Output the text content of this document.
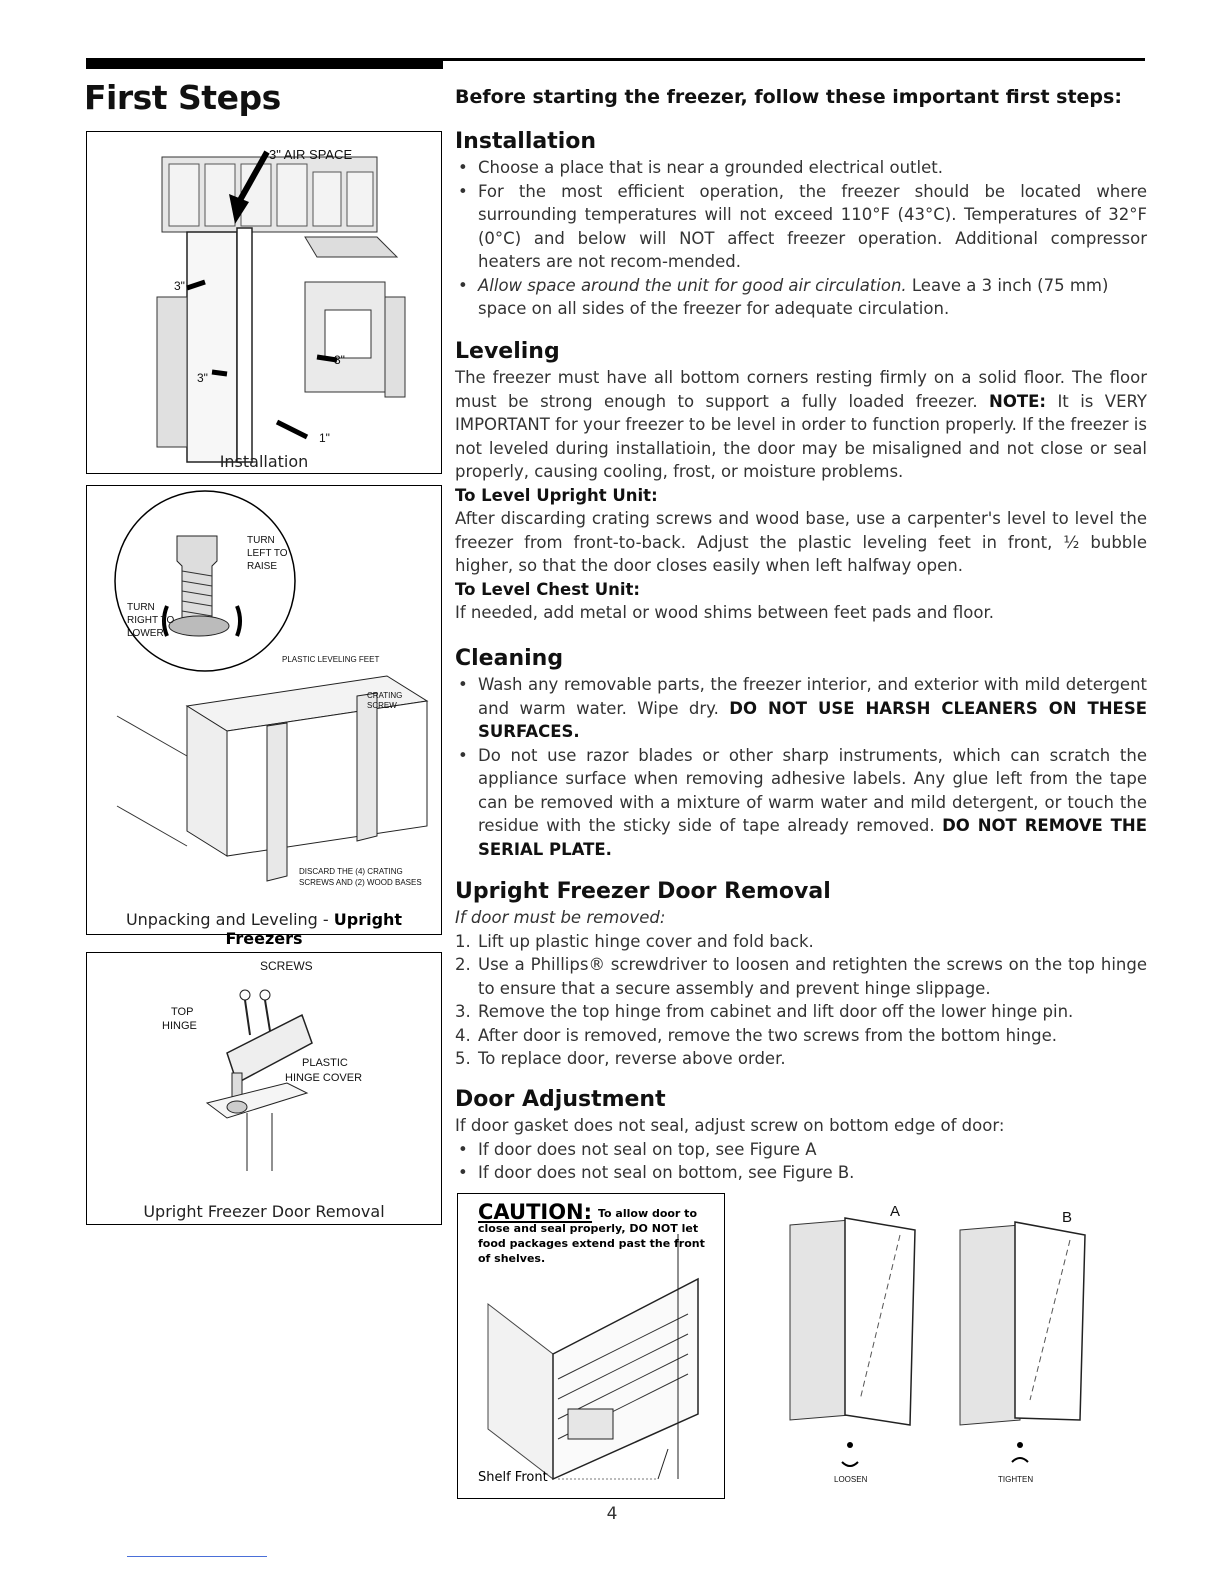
First Steps	Before starting the freezer, follow these important first steps:
3" AIR SPACE
3"
3"
3"
1"
Installation
TURN
LEFT TO
RAISE
TURN
RIGHT TO
LOWER
PLASTIC LEVELING FEET
CRATING
SCREW
DISCARD THE (4) CRATING
SCREWS AND (2) WOOD BASES
Unpacking and Leveling - Upright Freezers
SCREWS
TOP
HINGE
PLASTIC
HINGE COVER
Upright Freezer Door Removal
Installation
• Choose a place that is near a grounded electrical outlet.
• For the most efficient operation, the freezer should be located where surrounding temperatures will not exceed 110°F (43°C). Temperatures of 32°F (0°C) and below will NOT affect freezer operation. Additional compressor heaters are not recom-mended.
• Allow space around the unit for good air circulation. Leave a 3 inch (75 mm) space on all sides of the freezer for adequate circulation.
Leveling

The freezer must have all bottom corners resting firmly on a solid floor. The floor must be strong enough to support a fully loaded freezer. NOTE: It is VERY IMPORTANT for your freezer to be level in order to function properly. If the freezer is not leveled during installatioin, the door may be misaligned and not close or seal properly, causing cooling, frost, or moisture problems.

To Level Upright Unit:

After discarding crating screws and wood base, use a carpenter's level to level the freezer from front-to-back. Adjust the plastic leveling feet in front, ½ bubble higher, so that the door closes easily when left halfway open.

To Level Chest Unit:

If needed, add metal or wood shims between feet pads and floor.

Cleaning
• Wash any removable parts, the freezer interior, and exterior with mild detergent and warm water. Wipe dry. DO NOT USE HARSH CLEANERS ON THESE SURFACES.
• Do not use razor blades or other sharp instruments, which can scratch the appliance surface when removing adhesive labels. Any glue left from the tape can be removed with a mixture of warm water and mild detergent, or touch the residue with the sticky side of tape already removed. DO NOT REMOVE THE SERIAL PLATE.
Upright Freezer Door Removal
If door must be removed:
1. Lift up plastic hinge cover and fold back.
2. Use a Phillips® screwdriver to loosen and retighten the screws on the top hinge to ensure that a secure assembly and prevent hinge slippage.
3. Remove the top hinge from cabinet and lift door off the lower hinge pin.
4. After door is removed, remove the two screws from the bottom hinge.
5. To replace door, reverse above order.
Door Adjustment
If door gasket does not seal, adjust screw on bottom edge of door:
• If door does not seal on top, see Figure A
• If door does not seal on bottom, see Figure B.
To allow door to close and seal properly, DO NOT let food packages extend past the front of shelves.
CAUTION:
Shelf Front
A
LOOSEN
B
TIGHTEN
4
